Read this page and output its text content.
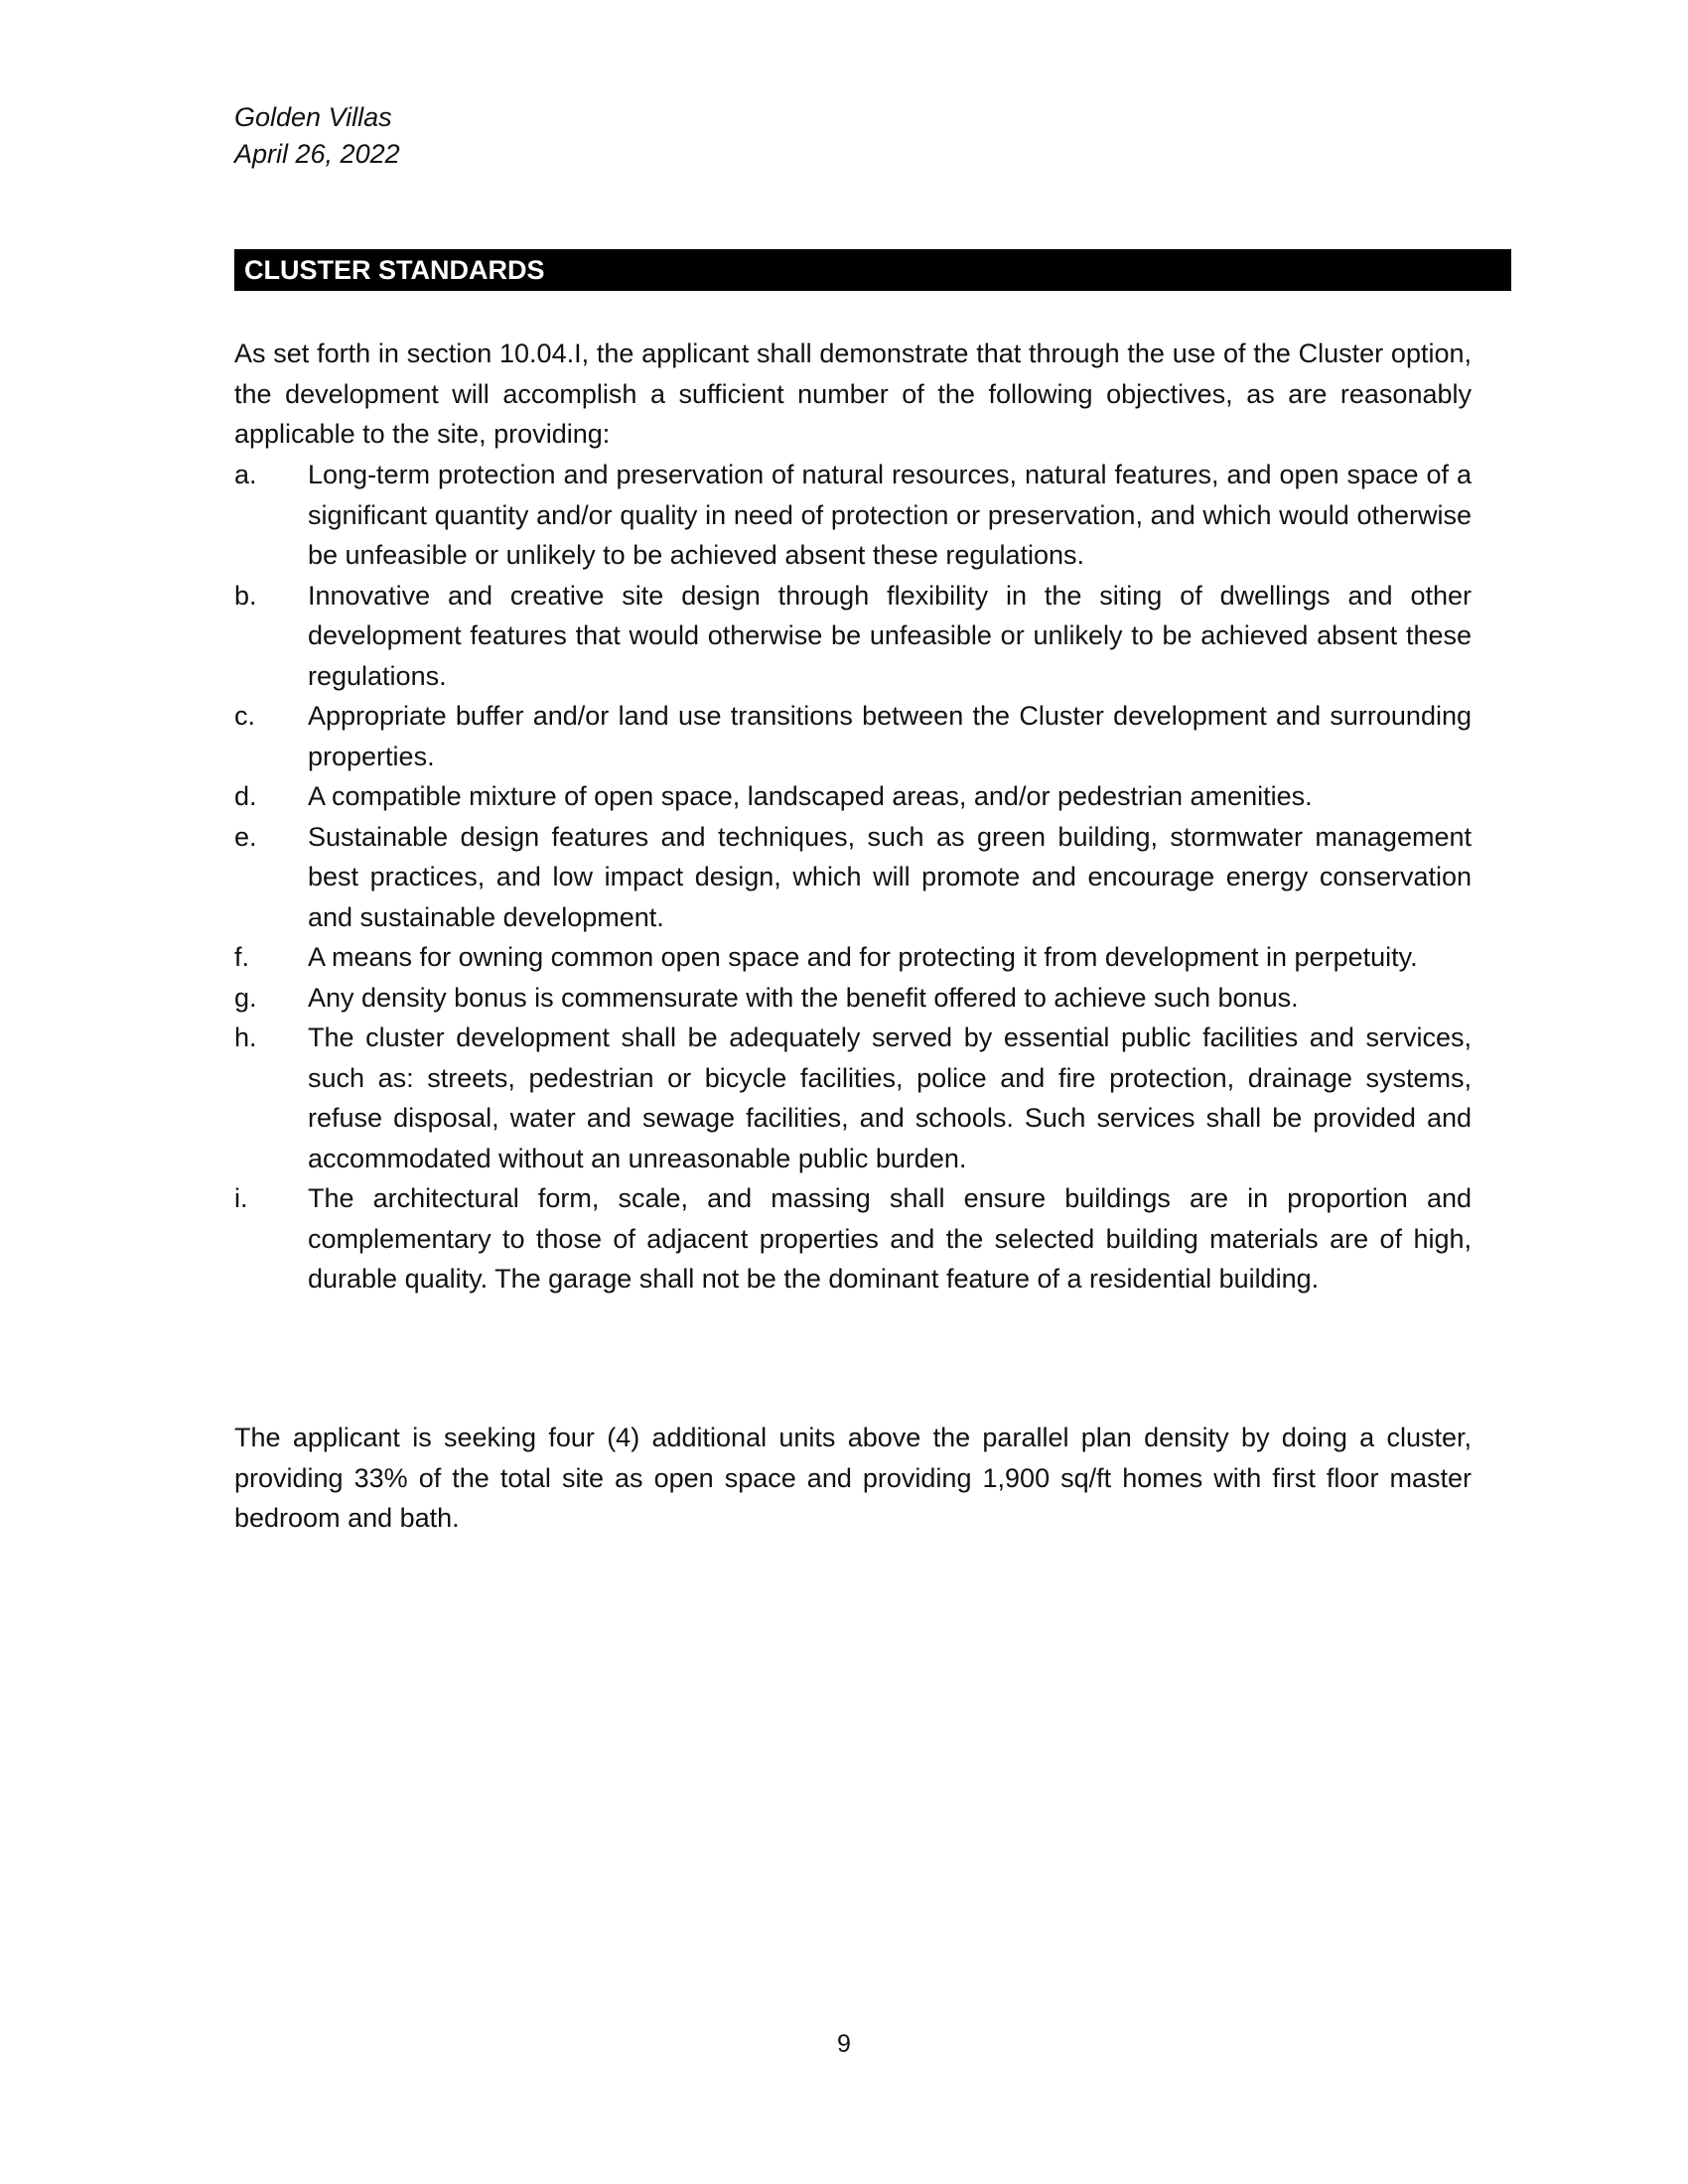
Golden Villas
April 26, 2022
CLUSTER STANDARDS

As set forth in section 10.04.I, the applicant shall demonstrate that through the use of the Cluster option, the development will accomplish a sufficient number of the following objectives, as are reasonably applicable to the site, providing:

a. Long-term protection and preservation of natural resources, natural features, and open space of a significant quantity and/or quality in need of protection or preservation, and which would otherwise be unfeasible or unlikely to be achieved absent these regulations.
b. Innovative and creative site design through flexibility in the siting of dwellings and other development features that would otherwise be unfeasible or unlikely to be achieved absent these regulations.
c. Appropriate buffer and/or land use transitions between the Cluster development and surrounding properties.
d. A compatible mixture of open space, landscaped areas, and/or pedestrian amenities.
e. Sustainable design features and techniques, such as green building, stormwater management best practices, and low impact design, which will promote and encourage energy conservation and sustainable development.
f. A means for owning common open space and for protecting it from development in perpetuity.
g. Any density bonus is commensurate with the benefit offered to achieve such bonus.
h. The cluster development shall be adequately served by essential public facilities and services, such as: streets, pedestrian or bicycle facilities, police and fire protection, drainage systems, refuse disposal, water and sewage facilities, and schools. Such services shall be provided and accommodated without an unreasonable public burden.
i. The architectural form, scale, and massing shall ensure buildings are in proportion and complementary to those of adjacent properties and the selected building materials are of high, durable quality. The garage shall not be the dominant feature of a residential building.

The applicant is seeking four (4) additional units above the parallel plan density by doing a cluster, providing 33% of the total site as open space and providing 1,900 sq/ft homes with first floor master bedroom and bath.

9
